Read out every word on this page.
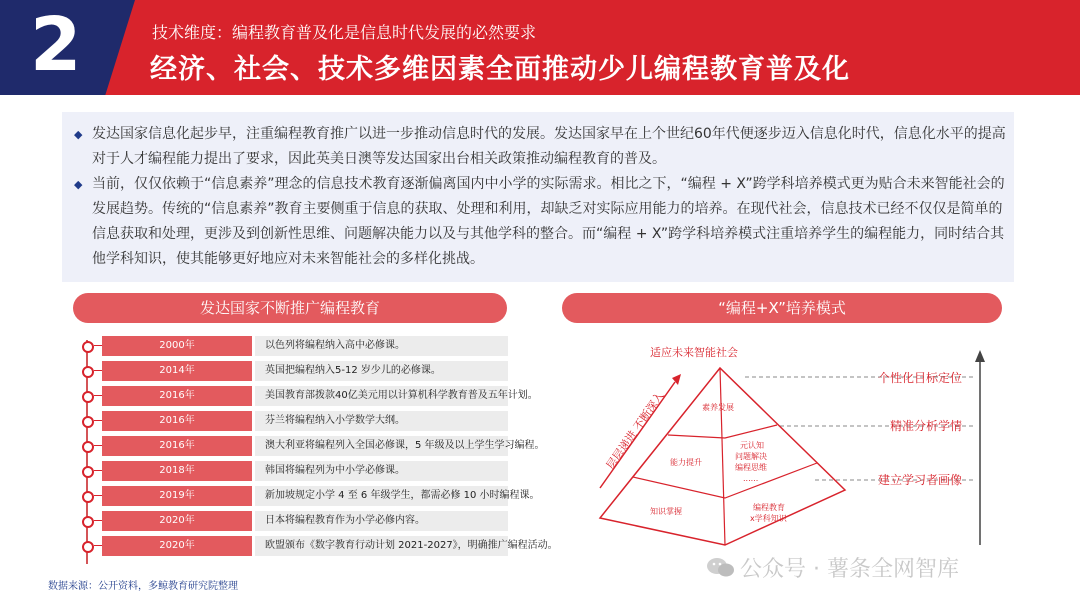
2	技术维度：编程教育普及化是信息时代发展的必然要求
经济、社会、技术多维因素全面推动少儿编程教育普及化
◆ 发达国家信息化起步早，注重编程教育推广以进一步推动信息时代的发展。发达国家早在上个世纪60年代便逐步迈入信息化时代，信息化水平的提高对于人才编程能力提出了要求，因此英美日澳等发达国家出台相关政策推动编程教育的普及。
◆ 当前，仅仅依赖于“信息素养”理念的信息技术教育逐渐偏离国内中小学的实际需求。相比之下，“编程 + X”跨学科培养模式更为贴合未来智能社会的发展趋势。传统的“信息素养”教育主要侧重于信息的获取、处理和利用，却缺乏对实际应用能力的培养。在现代社会，信息技术已经不仅仅是简单的信息获取和处理，更涉及到创新性思维、问题解决能力以及与其他学科的整合。而“编程 + X”跨学科培养模式注重培养学生的编程能力，同时结合其他学科知识，使其能够更好地应对未来智能社会的多样化挑战。
发达国家不断推广编程教育	“编程+X”培养模式
2000年	以色列将编程纳入高中必修课。
2014年	英国把编程纳入5-12 岁少儿的必修课。
2016年	美国教育部拨款40亿美元用以计算机科学教育普及五年计划。
2016年	芬兰将编程纳入小学数学大纲。
2016年	澳大利亚将编程列入全国必修课，5 年级及以上学生学习编程。
2018年	韩国将编程列为中小学必修课。
2019年	新加坡规定小学 4 至 6 年级学生，都需必修 10 小时编程课。
2020年	日本将编程教育作为小学必修内容。
2020年	欧盟颁布《数字教育行动计划 2021-2027》，明确推广编程活动。
适应未来智能社会
层层递进 不断深入	素养发展
能力提升
知识掌握
元认知
问题解决
编程思维
......
编程教育
x学科知识
个性化目标定位
精准分析学情
建立学习者画像
数据来源：公开资料，多鲸教育研究院整理
公众号 · 薯条全网智库
